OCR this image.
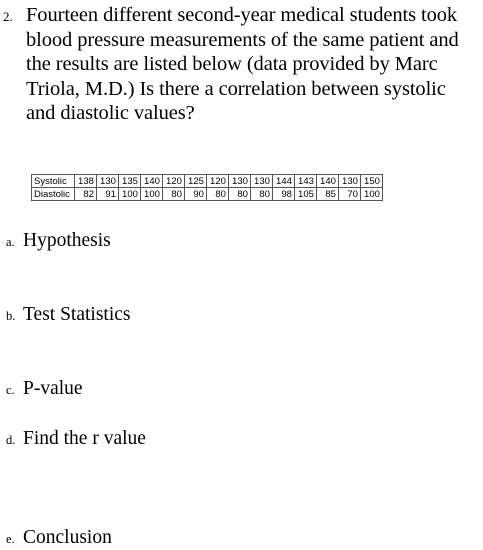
2. Fourteen different second-year medical students took
blood pressure measurements of the same patient and
the results are listed below (data provided by Marc
Triola, M.D.) Is there a correlation between systolic
and diastolic values?
Systolic	138	130	135	140	120	125	120	130	130	144	143	140	130	150
Diastolic	82	91	100	100	80	90	80	80	80	98	105	85	70	100
a. Hypothesis
b. Test Statistics
c. P-value
d. Find the r value
e. Conclusion
